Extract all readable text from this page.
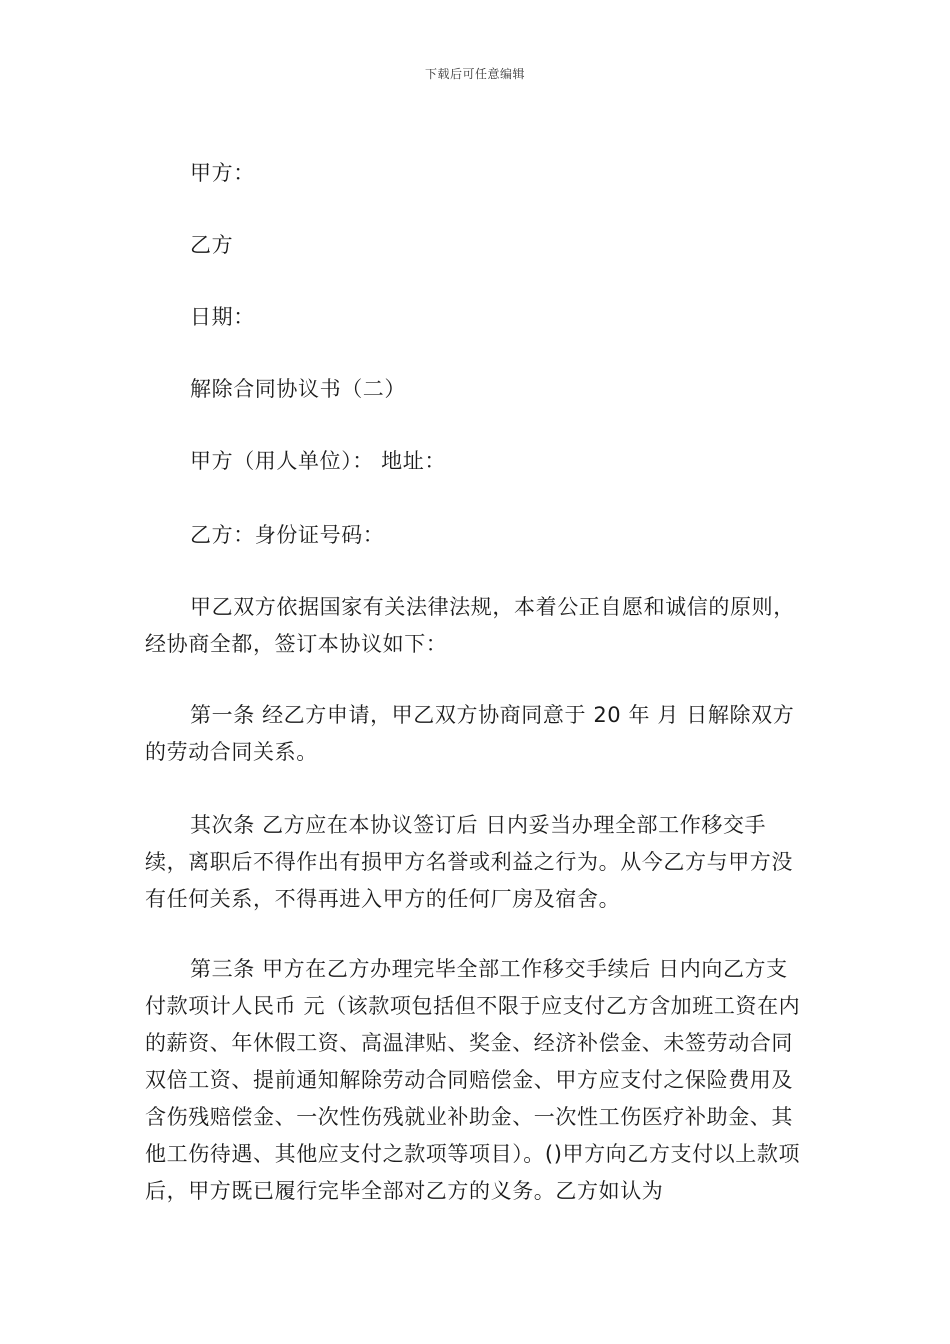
下载后可任意编辑

甲方：

乙方

日期：

解除合同协议书（二）

甲方（用人单位）： 地址：

乙方：身份证号码：

甲乙双方依据国家有关法律法规，本着公正自愿和诚信的原则，经协商全都，签订本协议如下：

第一条 经乙方申请，甲乙双方协商同意于 20 年 月 日解除双方的劳动合同关系。

其次条 乙方应在本协议签订后 日内妥当办理全部工作移交手续，离职后不得作出有损甲方名誉或利益之行为。从今乙方与甲方没有任何关系，不得再进入甲方的任何厂房及宿舍。

第三条 甲方在乙方办理完毕全部工作移交手续后 日内向乙方支付款项计人民币 元（该款项包括但不限于应支付乙方含加班工资在内的薪资、年休假工资、高温津贴、奖金、经济补偿金、未签劳动合同双倍工资、提前通知解除劳动合同赔偿金、甲方应支付之保险费用及含伤残赔偿金、一次性伤残就业补助金、一次性工伤医疗补助金、其他工伤待遇、其他应支付之款项等项目）。()甲方向乙方支付以上款项后，甲方既已履行完毕全部对乙方的义务。乙方如认为
